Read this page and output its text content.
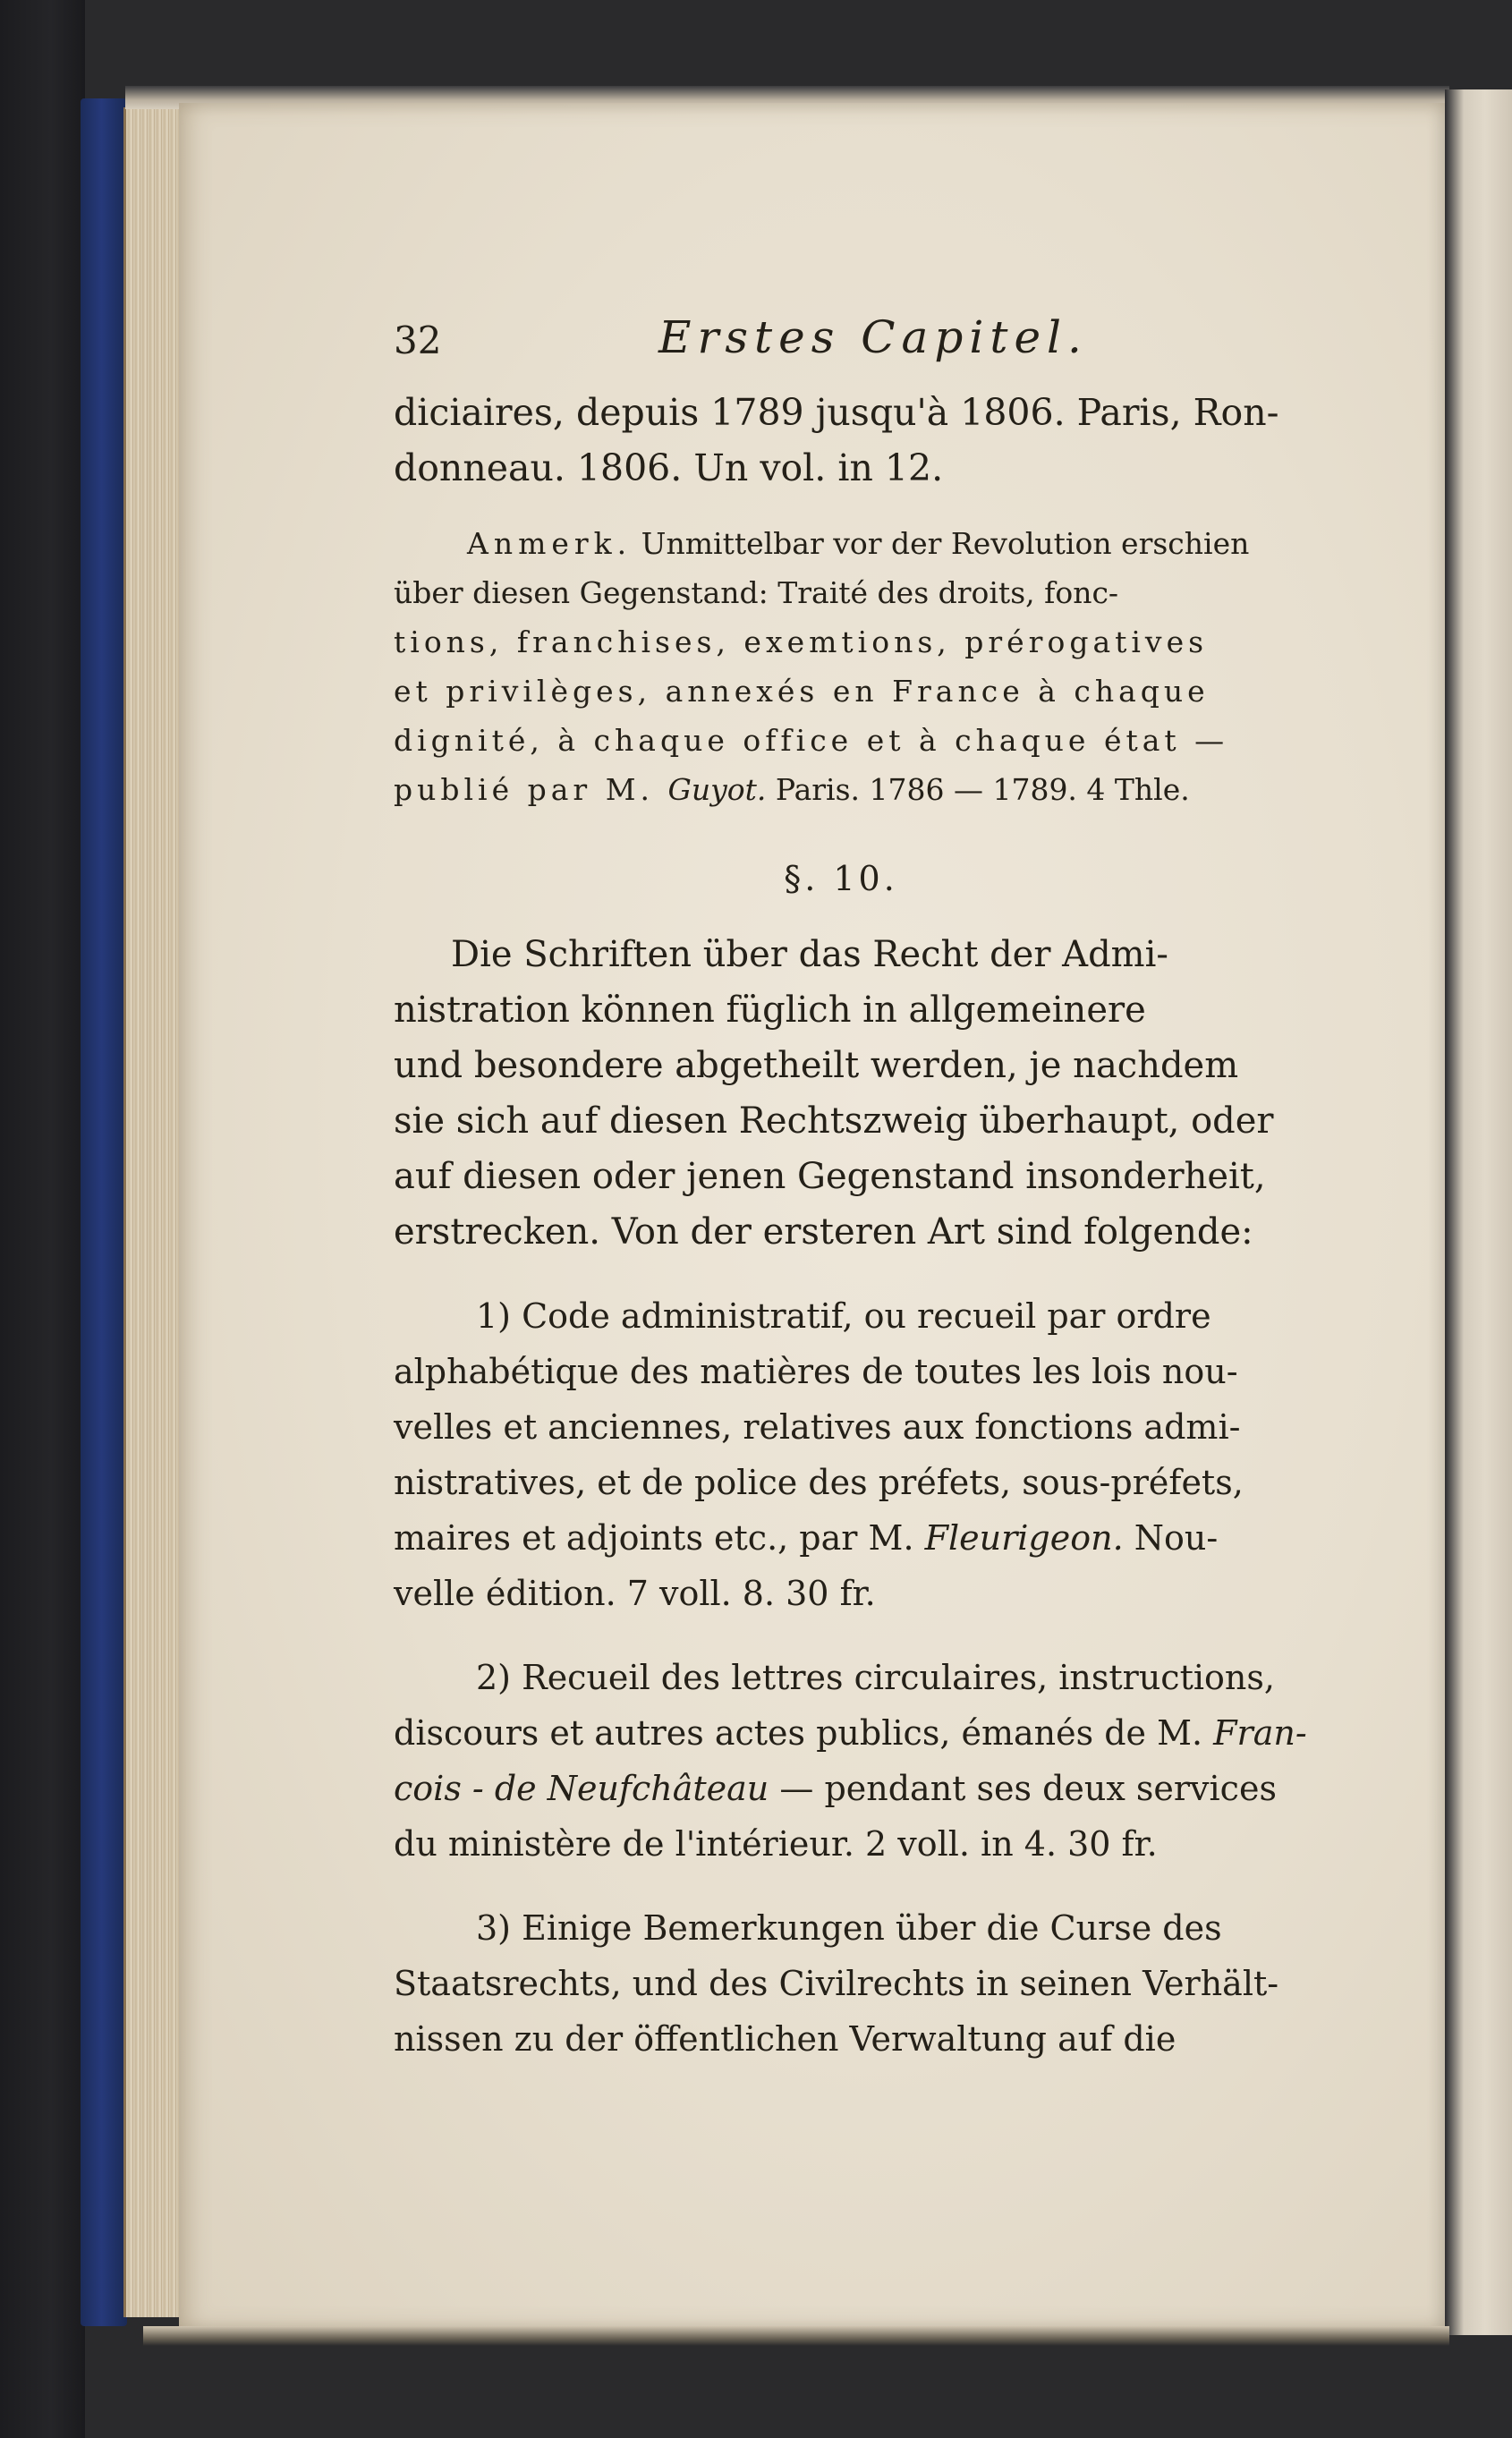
32	Erstes Capitel.
diciaires, depuis 1789 jusqu'à 1806. Paris, Ron-
donneau. 1806. Un vol. in 12.
Anmerk. Unmittelbar vor der Revolution erschien
über diesen Gegenstand: Traité des droits, fonc-
tions, franchises, exemtions, prérogatives
et privilèges, annexés en France à chaque
dignité, à chaque office et à chaque état —
publié par M. Guyot. Paris. 1786 — 1789. 4 Thle.
§. 10.
Die Schriften über das Recht der Admi-
nistration können füglich in allgemeinere
und besondere abgetheilt werden, je nachdem
sie sich auf diesen Rechtszweig überhaupt, oder
auf diesen oder jenen Gegenstand insonderheit,
erstrecken. Von der ersteren Art sind folgende:
1) Code administratif, ou recueil par ordre
alphabétique des matières de toutes les lois nou-
velles et anciennes, relatives aux fonctions admi-
nistratives, et de police des préfets, sous-préfets,
maires et adjoints etc., par M. Fleurigeon. Nou-
velle édition. 7 voll. 8. 30 fr.
2) Recueil des lettres circulaires, instructions,
discours et autres actes publics, émanés de M. Fran-
cois - de Neufchâteau — pendant ses deux services
du ministère de l'intérieur. 2 voll. in 4. 30 fr.
3) Einige Bemerkungen über die Curse des
Staatsrechts, und des Civilrechts in seinen Verhält-
nissen zu der öffentlichen Verwaltung auf die
